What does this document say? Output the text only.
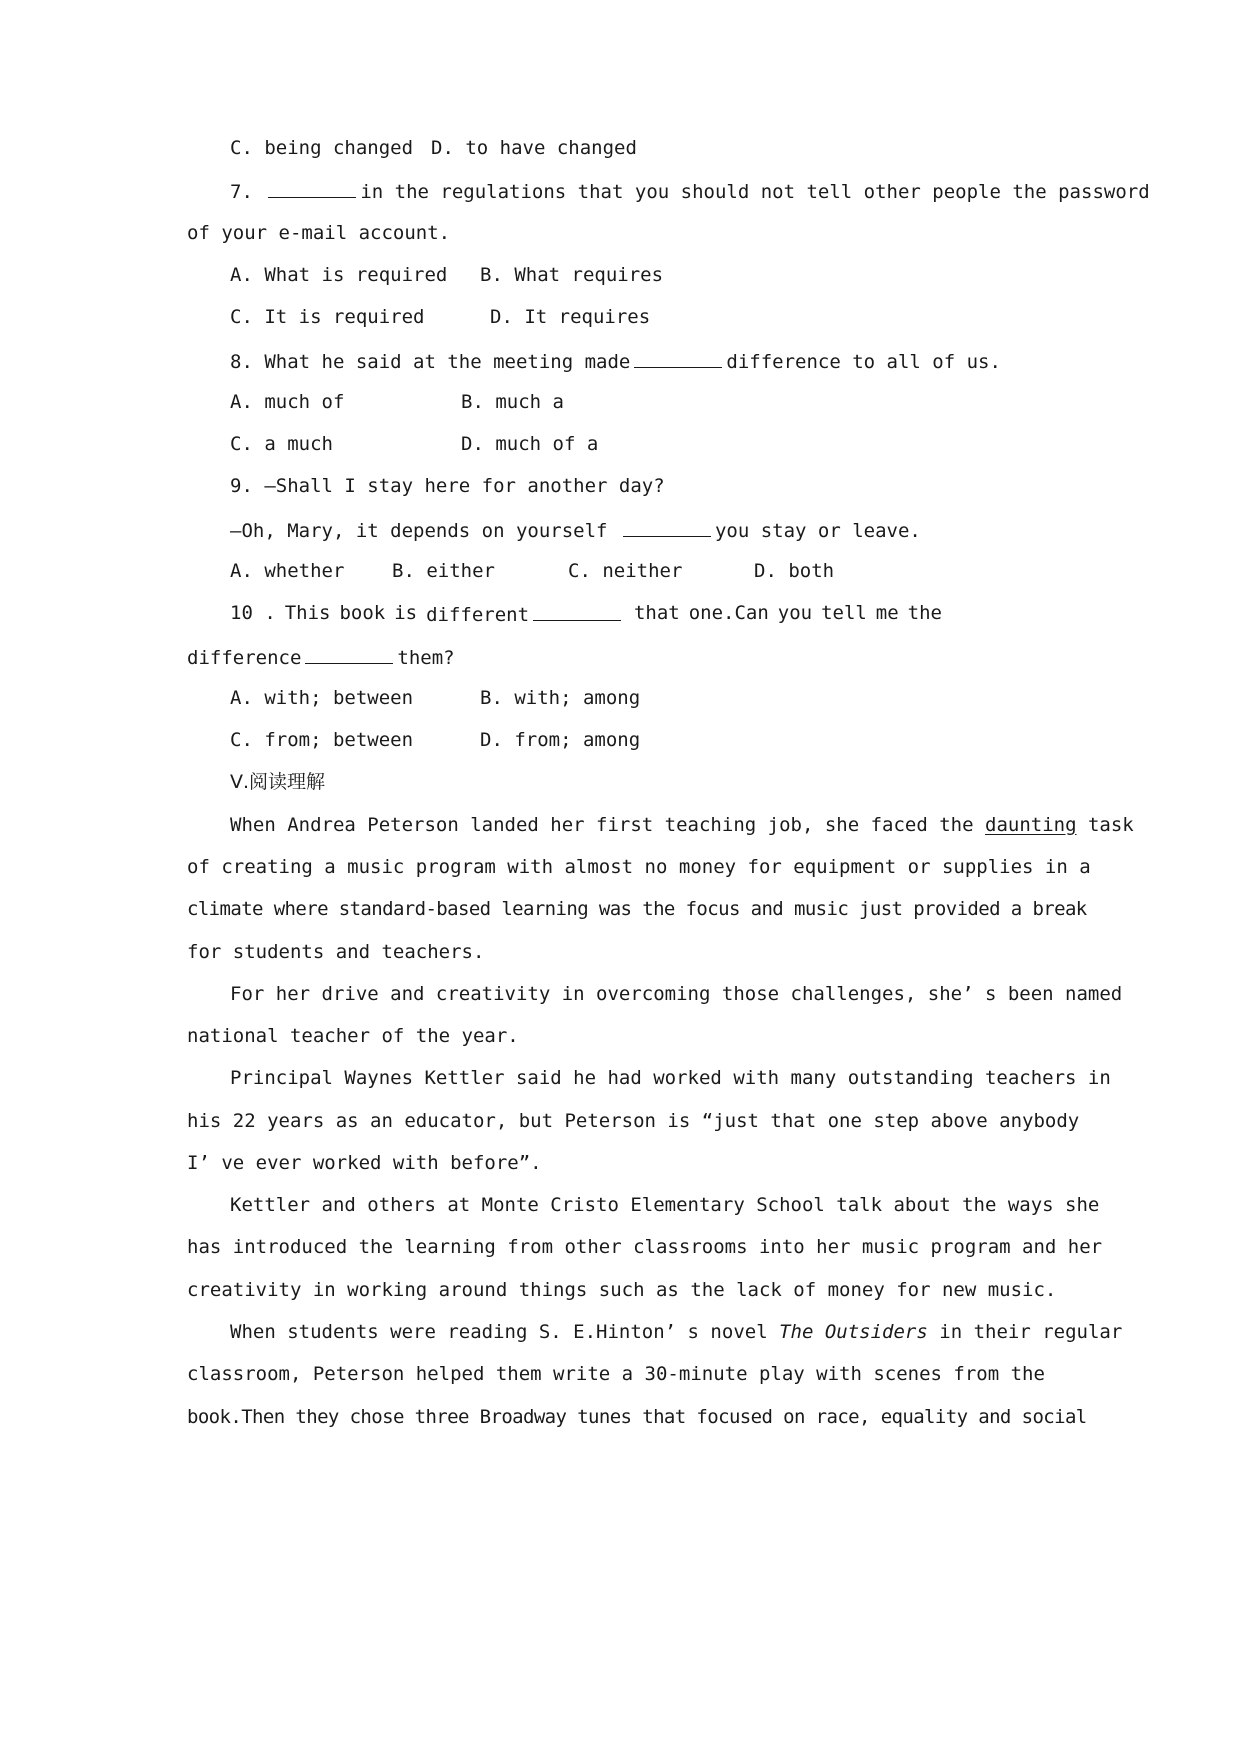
C. being changed D. to have changed
7.	in the regulations that you should not tell other people the password
of your e-mail account.
A. What is required B. What requires
C. It is required	D. It requires
8. What he said at the meeting made	difference to all of us.
A. much of	B. much a
C. a much	D. much of a
9. —Shall I stay here for another day?
—Oh, Mary, it depends on yourself	you stay or leave.
A. whether	B. either	C. neither	D. both
10 . This book is different	that one.Can you tell me the
difference	them?
A. with; between	B. with; among
C. from; between	D. from; among
Ⅴ.阅读理解
When Andrea Peterson landed her first teaching job, she faced the daunting task
of creating a music program with almost no money for equipment or supplies in a
climate where standard-based learning was the focus and music just provided a break
for students and teachers.
For her drive and creativity in overcoming those challenges, she’ s been named
national teacher of the year.
Principal Waynes Kettler said he had worked with many outstanding teachers in
his 22 years as an educator, but Peterson is “just that one step above anybody
I’ ve ever worked with before”.
Kettler and others at Monte Cristo Elementary School talk about the ways she
has introduced the learning from other classrooms into her music program and her
creativity in working around things such as the lack of money for new music.
When students were reading S. E.Hinton’ s novel The Outsiders in their regular
classroom, Peterson helped them write a 30-minute play with scenes from the
book.Then they chose three Broadway tunes that focused on race, equality and social
